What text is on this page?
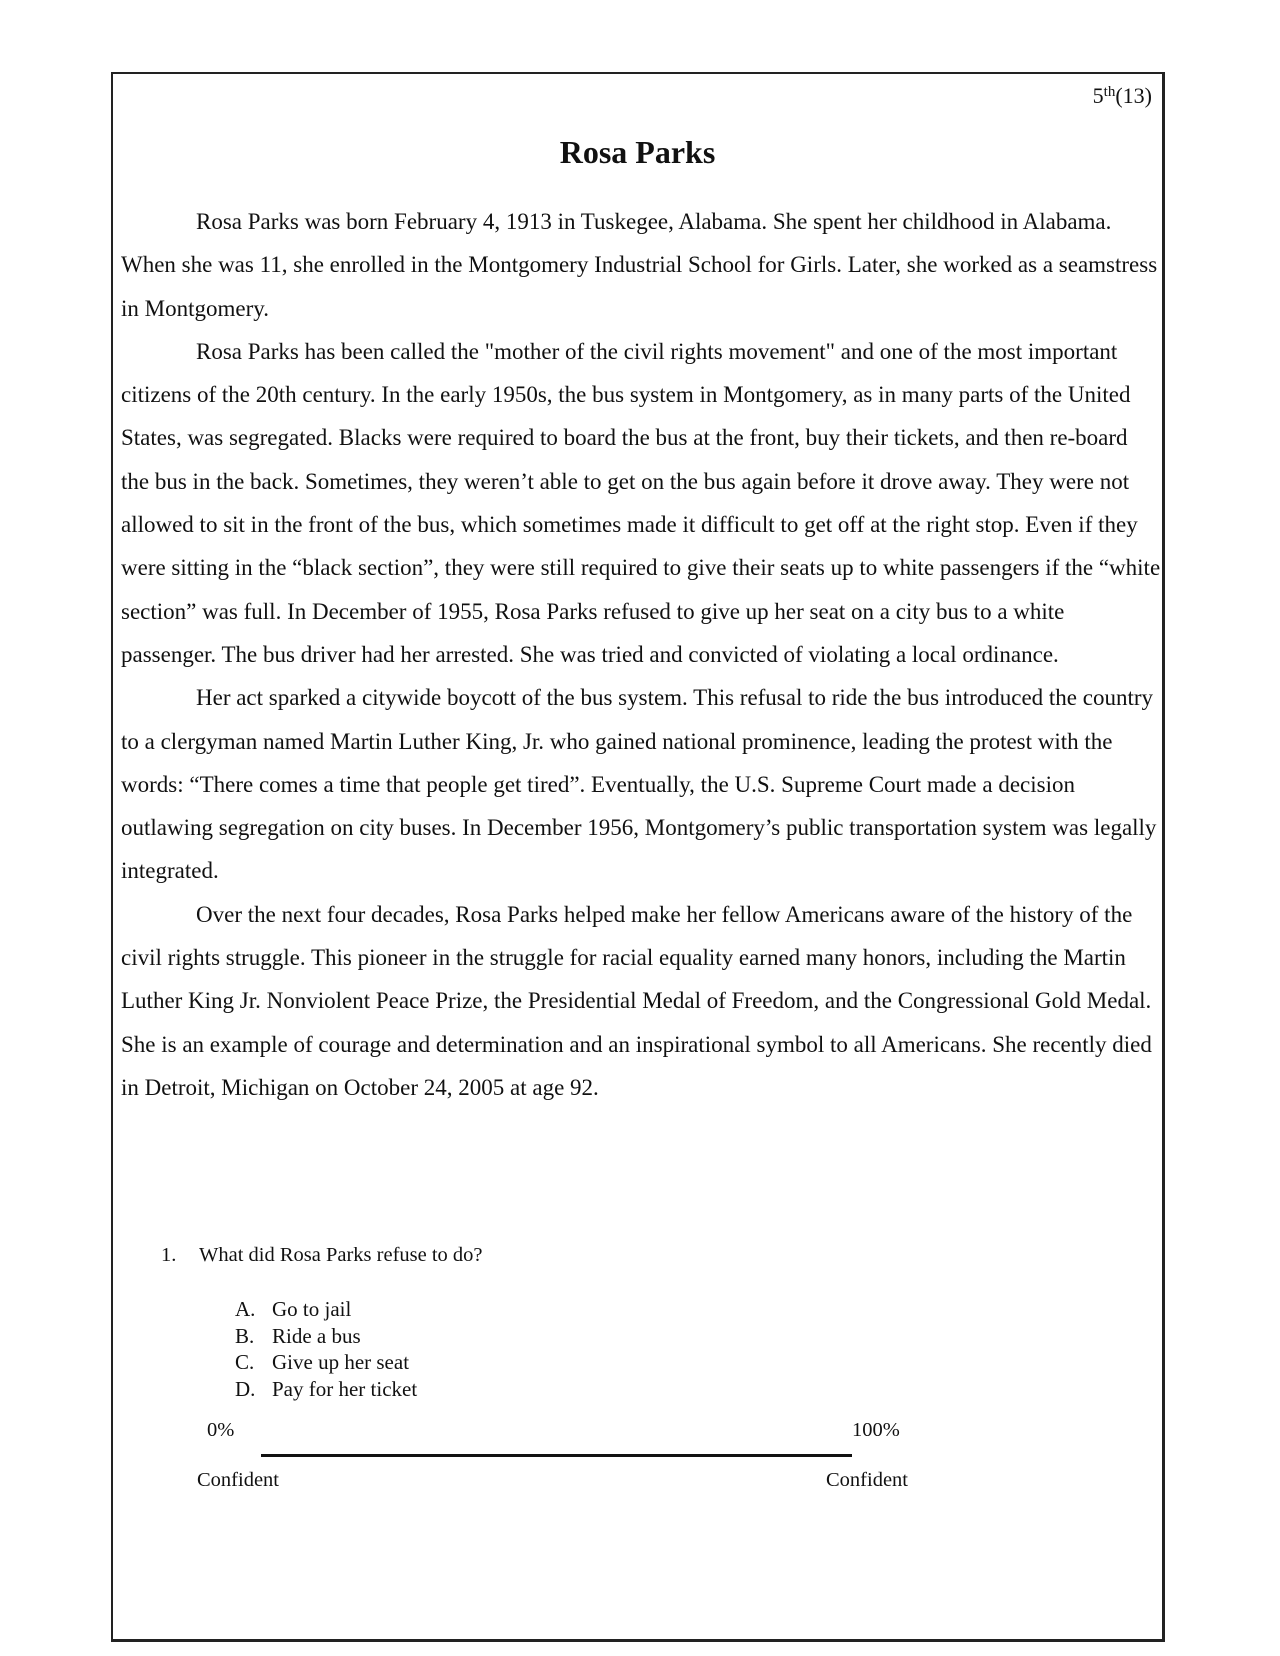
5th(13)
Rosa Parks

Rosa Parks was born February 4, 1913 in Tuskegee, Alabama. She spent her childhood in Alabama. When she was 11, she enrolled in the Montgomery Industrial School for Girls. Later, she worked as a seamstress in Montgomery.

Rosa Parks has been called the "mother of the civil rights movement" and one of the most important citizens of the 20th century. In the early 1950s, the bus system in Montgomery, as in many parts of the United States, was segregated. Blacks were required to board the bus at the front, buy their tickets, and then re-board the bus in the back. Sometimes, they weren’t able to get on the bus again before it drove away. They were not allowed to sit in the front of the bus, which sometimes made it difficult to get off at the right stop. Even if they were sitting in the “black section”, they were still required to give their seats up to white passengers if the “white section” was full. In December of 1955, Rosa Parks refused to give up her seat on a city bus to a white passenger. The bus driver had her arrested. She was tried and convicted of violating a local ordinance.

Her act sparked a citywide boycott of the bus system. This refusal to ride the bus introduced the country to a clergyman named Martin Luther King, Jr. who gained national prominence, leading the protest with the words: “There comes a time that people get tired”. Eventually, the U.S. Supreme Court made a decision outlawing segregation on city buses. In December 1956, Montgomery’s public transportation system was legally integrated.

Over the next four decades, Rosa Parks helped make her fellow Americans aware of the history of the civil rights struggle. This pioneer in the struggle for racial equality earned many honors, including the Martin Luther King Jr. Nonviolent Peace Prize, the Presidential Medal of Freedom, and the Congressional Gold Medal. She is an example of courage and determination and an inspirational symbol to all Americans. She recently died in Detroit, Michigan on October 24, 2005 at age 92.

1. What did Rosa Parks refuse to do?
A. Go to jail
B. Ride a bus
C. Give up her seat
D. Pay for her ticket
0%	100%
Confident	Confident
